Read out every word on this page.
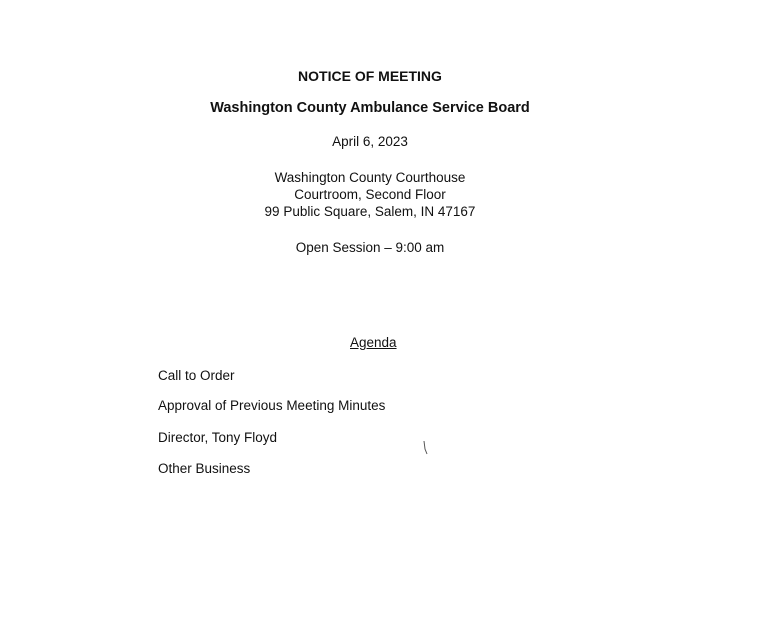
NOTICE OF MEETING
Washington County Ambulance Service Board
April 6, 2023
Washington County Courthouse
Courtroom, Second Floor
99 Public Square, Salem, IN 47167
Open Session – 9:00 am
Agenda
Call to Order
Approval of Previous Meeting Minutes
Director, Tony Floyd
Other Business
